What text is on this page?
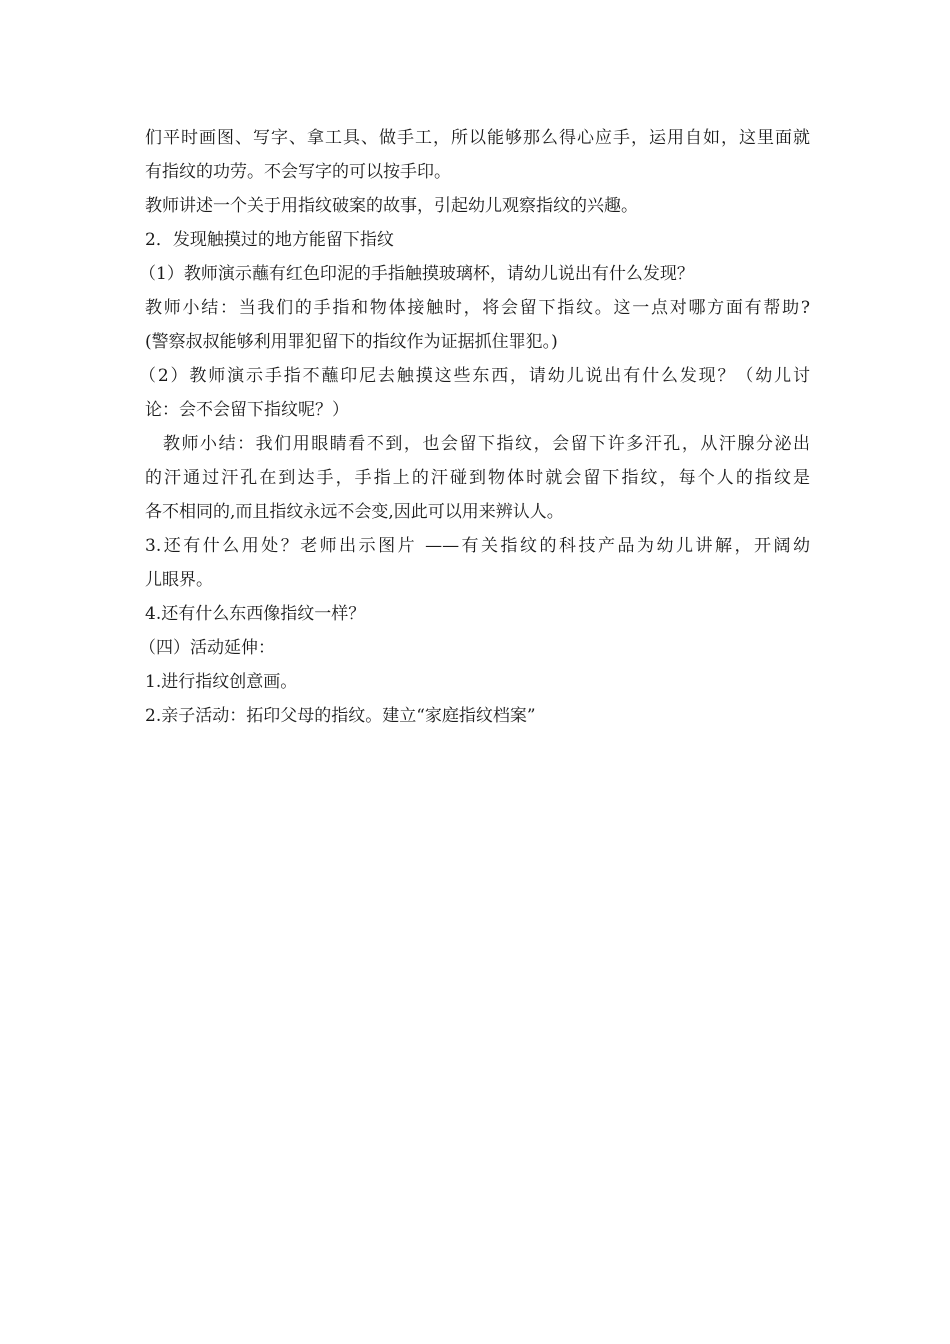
们平时画图、写字、拿工具、做手工，所以能够那么得心应手，运用自如，这里面就
有指纹的功劳。不会写字的可以按手印。
教师讲述一个关于用指纹破案的故事，引起幼儿观察指纹的兴趣。
2．发现触摸过的地方能留下指纹
（1）教师演示蘸有红色印泥的手指触摸玻璃杯，请幼儿说出有什么发现？
教师小结：当我们的手指和物体接触时，将会留下指纹。这一点对哪方面有帮助?
(警察叔叔能够利用罪犯留下的指纹作为证据抓住罪犯。)
（2）教师演示手指不蘸印尼去触摸这些东西，请幼儿说出有什么发现？（幼儿讨
论：会不会留下指纹呢？）
教师小结：我们用眼睛看不到，也会留下指纹，会留下许多汗孔，从汗腺分泌出
的汗通过汗孔在到达手，手指上的汗碰到物体时就会留下指纹，每个人的指纹是
各不相同的,而且指纹永远不会变,因此可以用来辨认人。
3.还有什么用处？老师出示图片 ——有关指纹的科技产品为幼儿讲解，开阔幼
儿眼界。
4.还有什么东西像指纹一样？
（四）活动延伸：
1.进行指纹创意画。
2.亲子活动：拓印父母的指纹。建立“家庭指纹档案”
